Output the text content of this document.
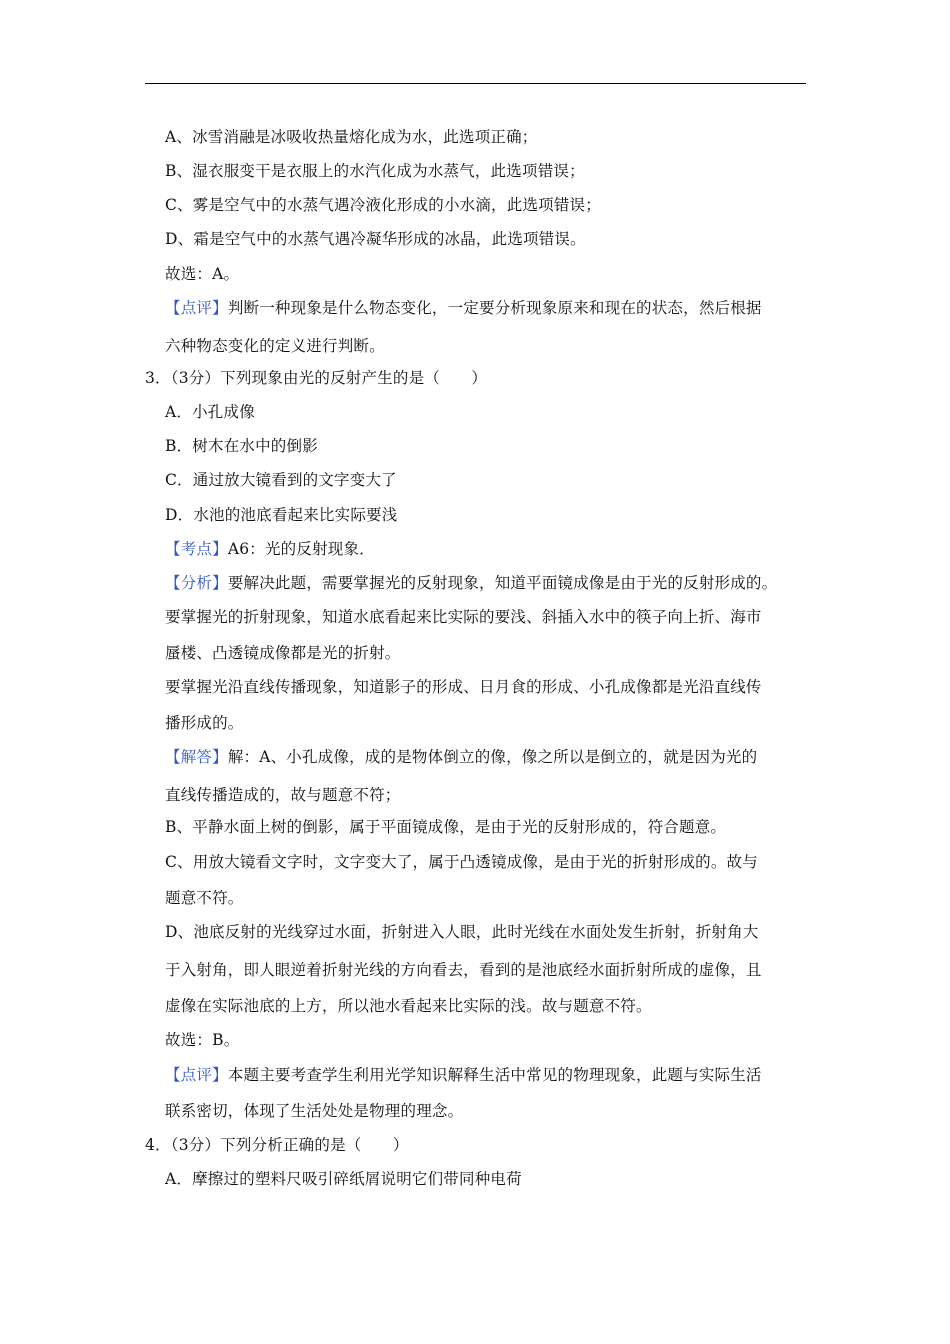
A、冰雪消融是冰吸收热量熔化成为水，此选项正确；
B、湿衣服变干是衣服上的水汽化成为水蒸气，此选项错误；
C、雾是空气中的水蒸气遇冷液化形成的小水滴，此选项错误；
D、霜是空气中的水蒸气遇冷凝华形成的冰晶，此选项错误。
故选：A。
【点评】判断一种现象是什么物态变化，一定要分析现象原来和现在的状态，然后根据
六种物态变化的定义进行判断。
3．（3分）下列现象由光的反射产生的是（　　）
A．小孔成像
B．树木在水中的倒影
C．通过放大镜看到的文字变大了
D．水池的池底看起来比实际要浅
【考点】A6：光的反射现象．
【分析】要解决此题，需要掌握光的反射现象，知道平面镜成像是由于光的反射形成的。
要掌握光的折射现象，知道水底看起来比实际的要浅、斜插入水中的筷子向上折、海市
蜃楼、凸透镜成像都是光的折射。
要掌握光沿直线传播现象，知道影子的形成、日月食的形成、小孔成像都是光沿直线传
播形成的。
【解答】解：A、小孔成像，成的是物体倒立的像，像之所以是倒立的，就是因为光的
直线传播造成的，故与题意不符；
B、平静水面上树的倒影，属于平面镜成像，是由于光的反射形成的，符合题意。
C、用放大镜看文字时，文字变大了，属于凸透镜成像，是由于光的折射形成的。故与
题意不符。
D、池底反射的光线穿过水面，折射进入人眼，此时光线在水面处发生折射，折射角大
于入射角，即人眼逆着折射光线的方向看去，看到的是池底经水面折射所成的虚像，且
虚像在实际池底的上方，所以池水看起来比实际的浅。故与题意不符。
故选：B。
【点评】本题主要考查学生利用光学知识解释生活中常见的物理现象，此题与实际生活
联系密切，体现了生活处处是物理的理念。
4．（3分）下列分析正确的是（　　）
A．摩擦过的塑料尺吸引碎纸屑说明它们带同种电荷
